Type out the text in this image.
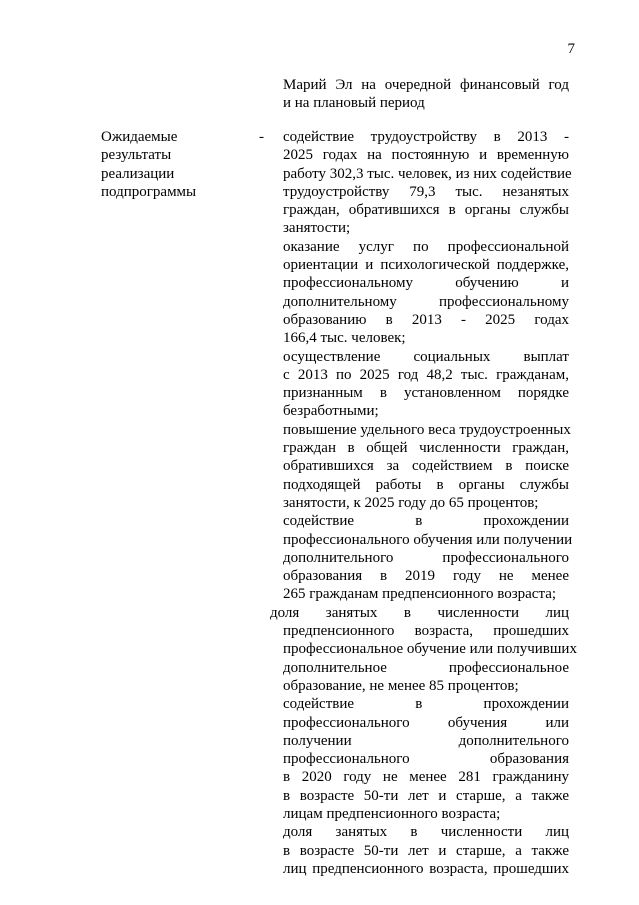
7
Марий Эл на очередной финансовый год
и на плановый период
Ожидаемые
результаты
реализации
подпрограммы
- содействие трудоустройству в 2013 -
2025 годах на постоянную и временную
работу 302,3 тыс. человек, из них содействие
трудоустройству 79,3 тыс. незанятых
граждан, обратившихся в органы службы
занятости;
оказание услуг по профессиональной
ориентации и психологической поддержке,
профессиональному обучению и
дополнительному профессиональному
образованию в 2013 - 2025 годах
166,4 тыс. человек;
осуществление социальных выплат
с 2013 по 2025 год 48,2 тыс. гражданам,
признанным в установленном порядке
безработными;
повышение удельного веса трудоустроенных
граждан в общей численности граждан,
обратившихся за содействием в поиске
подходящей работы в органы службы
занятости, к 2025 году до 65 процентов;
содействие в прохождении
профессионального обучения или получении
дополнительного профессионального
образования в 2019 году не менее
265 гражданам предпенсионного возраста;
доля занятых в численности лиц
предпенсионного возраста, прошедших
профессиональное обучение или получивших
дополнительное профессиональное
образование, не менее 85 процентов;
содействие в прохождении
профессионального обучения или
получении дополнительного
профессионального образования
в 2020 году не менее 281 гражданину
в возрасте 50-ти лет и старше, а также
лицам предпенсионного возраста;
доля занятых в численности лиц
в возрасте 50-ти лет и старше, а также
лиц предпенсионного возраста, прошедших
